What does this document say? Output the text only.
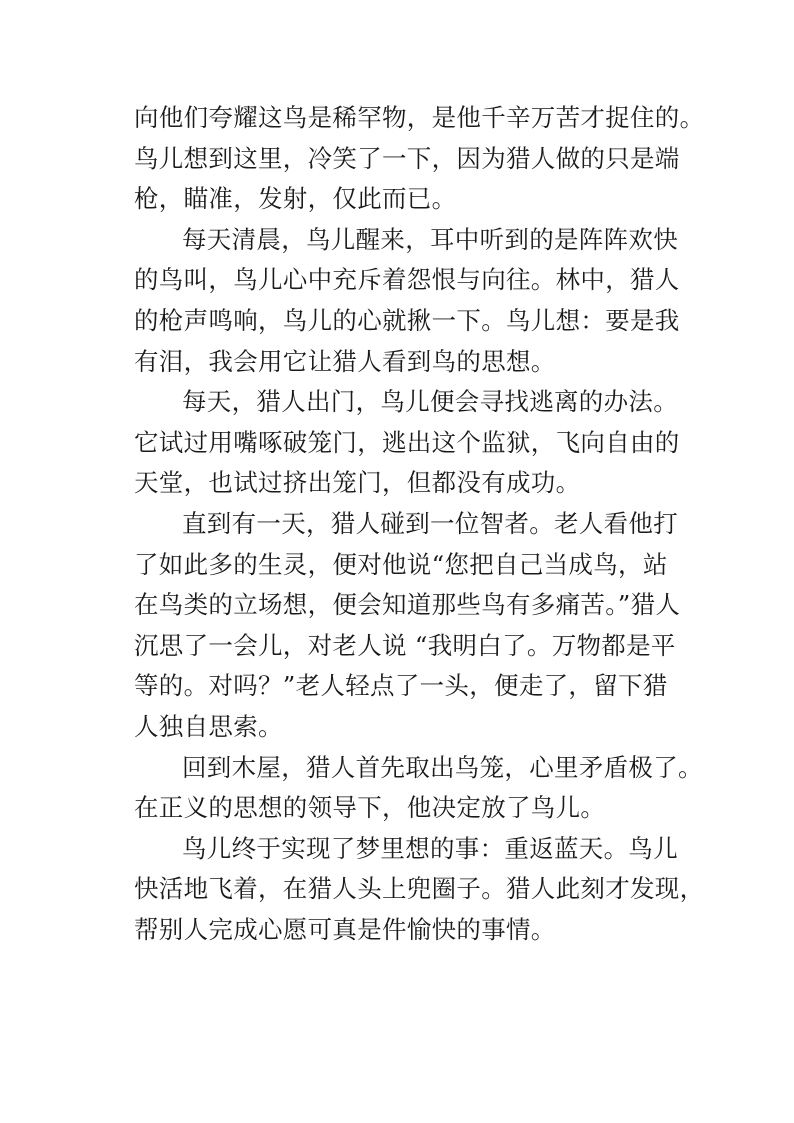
向他们夸耀这鸟是稀罕物，是他千辛万苦才捉住的。
鸟儿想到这里，冷笑了一下，因为猎人做的只是端
枪，瞄准，发射，仅此而已。
每天清晨，鸟儿醒来，耳中听到的是阵阵欢快
的鸟叫，鸟儿心中充斥着怨恨与向往。林中，猎人
的枪声鸣响，鸟儿的心就揪一下。鸟儿想：要是我
有泪，我会用它让猎人看到鸟的思想。
每天，猎人出门，鸟儿便会寻找逃离的办法。
它试过用嘴啄破笼门，逃出这个监狱，飞向自由的
天堂，也试过挤出笼门，但都没有成功。
直到有一天，猎人碰到一位智者。老人看他打
了如此多的生灵，便对他说“您把自己当成鸟，站
在鸟类的立场想，便会知道那些鸟有多痛苦。”猎人
沉思了一会儿，对老人说 “我明白了。万物都是平
等的。对吗？”老人轻点了一头，便走了，留下猎
人独自思索。
回到木屋，猎人首先取出鸟笼，心里矛盾极了。
在正义的思想的领导下，他决定放了鸟儿。
鸟儿终于实现了梦里想的事：重返蓝天。鸟儿
快活地飞着，在猎人头上兜圈子。猎人此刻才发现，
帮别人完成心愿可真是件愉快的事情。
